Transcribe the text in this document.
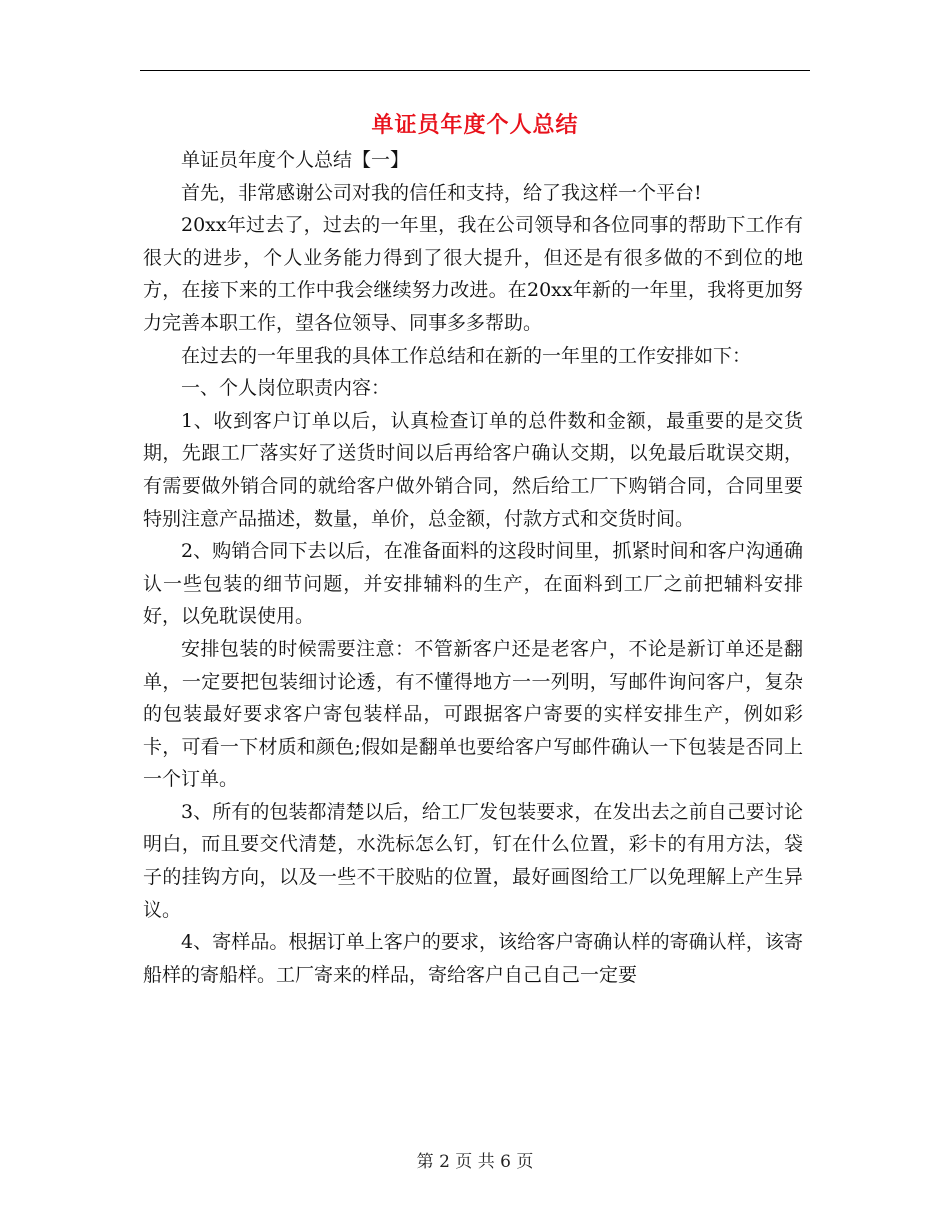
单证员年度个人总结

单证员年度个人总结【一】

首先，非常感谢公司对我的信任和支持，给了我这样一个平台!

20xx年过去了，过去的一年里，我在公司领导和各位同事的帮助下工作有很大的进步，个人业务能力得到了很大提升，但还是有很多做的不到位的地方，在接下来的工作中我会继续努力改进。在20xx年新的一年里，我将更加努力完善本职工作，望各位领导、同事多多帮助。

在过去的一年里我的具体工作总结和在新的一年里的工作安排如下：

一、个人岗位职责内容：

1、收到客户订单以后，认真检查订单的总件数和金额，最重要的是交货期，先跟工厂落实好了送货时间以后再给客户确认交期，以免最后耽误交期，有需要做外销合同的就给客户做外销合同，然后给工厂下购销合同，合同里要特别注意产品描述，数量，单价，总金额，付款方式和交货时间。

2、购销合同下去以后，在准备面料的这段时间里，抓紧时间和客户沟通确认一些包装的细节问题，并安排辅料的生产，在面料到工厂之前把辅料安排好，以免耽误使用。

安排包装的时候需要注意：不管新客户还是老客户，不论是新订单还是翻单，一定要把包装细讨论透，有不懂得地方一一列明，写邮件询问客户，复杂的包装最好要求客户寄包装样品，可跟据客户寄要的实样安排生产，例如彩卡，可看一下材质和颜色;假如是翻单也要给客户写邮件确认一下包装是否同上一个订单。

3、所有的包装都清楚以后，给工厂发包装要求，在发出去之前自己要讨论明白，而且要交代清楚，水洗标怎么钉，钉在什么位置，彩卡的有用方法，袋子的挂钩方向，以及一些不干胶贴的位置，最好画图给工厂以免理解上产生异议。

4、寄样品。根据订单上客户的要求，该给客户寄确认样的寄确认样，该寄船样的寄船样。工厂寄来的样品，寄给客户自己自己一定要

第 2 页 共 6 页
